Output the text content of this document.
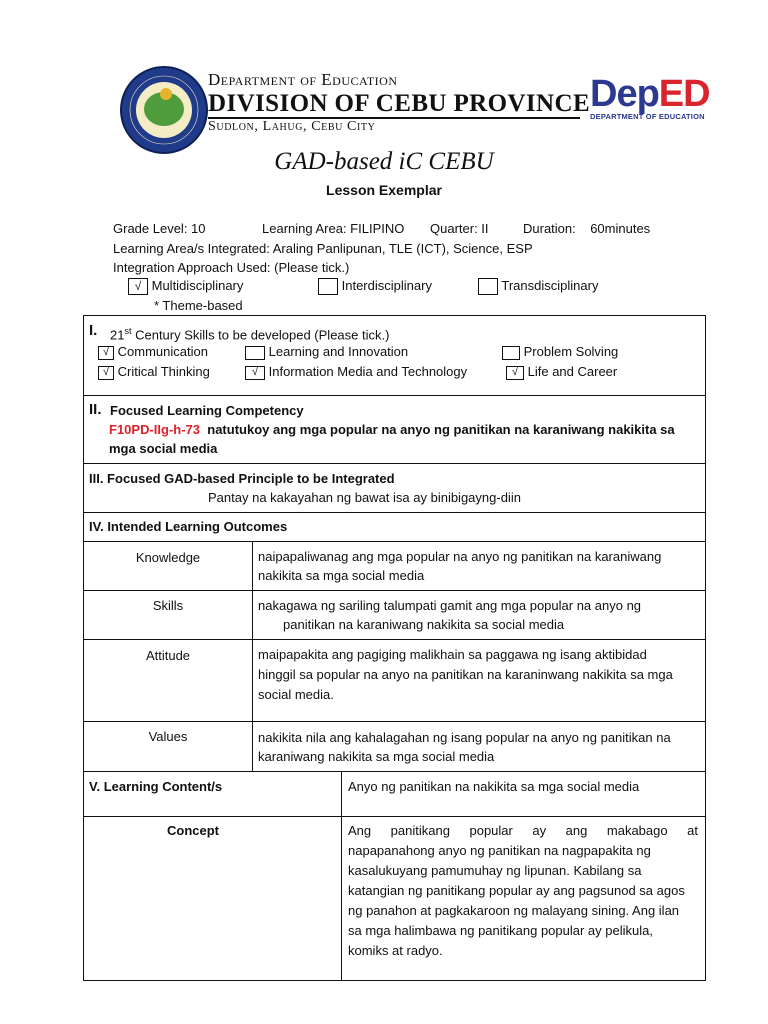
Department of Education
DIVISION OF CEBU PROVINCE
Sudlon, Lahug, Cebu City
DepED
DEPARTMENT OF EDUCATION
GAD-based iC CEBU
Lesson Exemplar
Grade Level: 10	Learning Area: FILIPINO Quarter: II	Duration:    60minutes
Learning Area/s Integrated: Araling Panlipunan, TLE (ICT), Science, ESP
Integration Approach Used: (Please tick.)
√ Multidisciplinary	Interdisciplinary	Transdisciplinary
* Theme-based
I. 21st Century Skills to be developed (Please tick.)
√ Communication	Learning and Innovation	Problem Solving
√ Critical Thinking	√ Information Media and Technology	√ Life and Career
II. Focused Learning Competency
F10PD-IIg-h-73 natutukoy ang mga popular na anyo ng panitikan na karaniwang nakikita sa
mga social media
III. Focused GAD-based Principle to be Integrated
Pantay na kakayahan ng bawat isa ay binibigayng-diin
IV. Intended Learning Outcomes
Knowledge	naipapaliwanag ang mga popular na anyo ng panitikan na karaniwang
nakikita sa mga social media
Skills	nakagawa ng sariling talumpati gamit ang mga popular na anyo ng
panitikan na karaniwang nakikita sa social media
Attitude	maipapakita ang pagiging malikhain sa paggawa ng isang aktibidad
hinggil sa popular na anyo na panitikan na karaninwang nakikita sa mga
social media.
Values	nakikita nila ang kahalagahan ng isang popular na anyo ng panitikan na
karaniwang nakikita sa mga social media
V. Learning Content/s	Anyo ng panitikan na nakikita sa mga social media
Concept	Ang panitikang popular ay ang makabago at
napapanahong anyo ng panitikan na nagpapakita ng
kasalukuyang pamumuhay ng lipunan. Kabilang sa
katangian ng panitikang popular ay ang pagsunod sa agos
ng panahon at pagkakaroon ng malayang sining. Ang ilan
sa mga halimbawa ng panitikang popular ay pelikula,
komiks at radyo.
